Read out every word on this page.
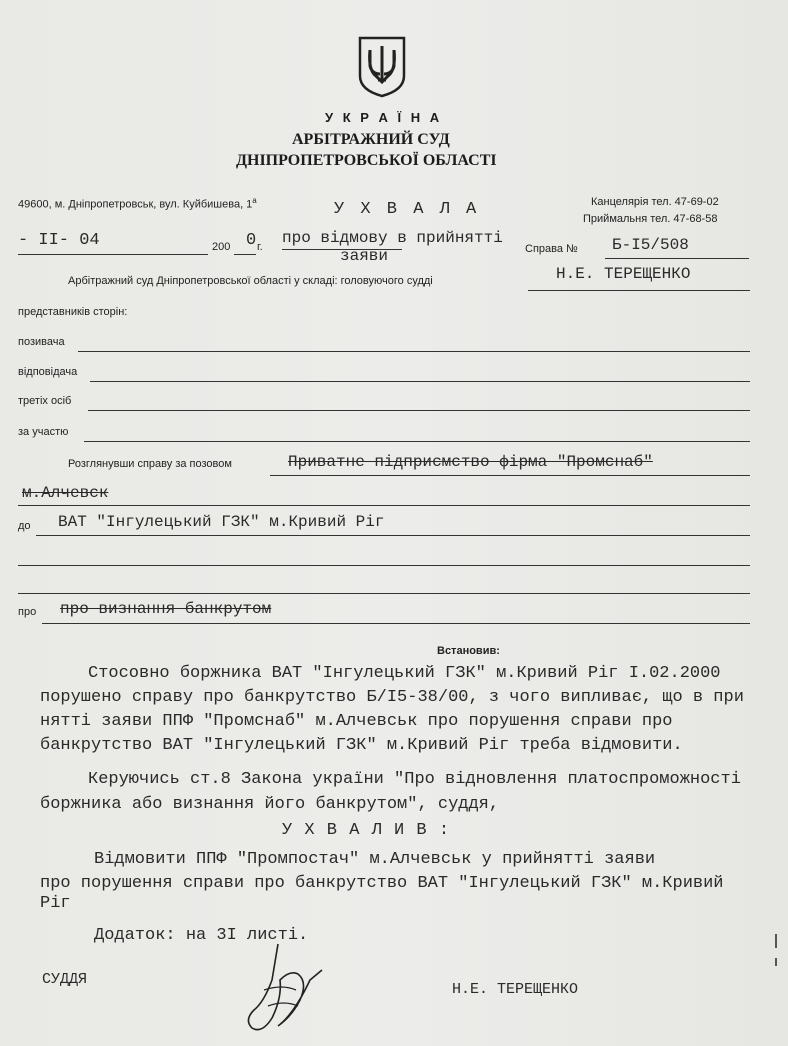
У К Р А Ї Н А
АРБІТРАЖНИЙ СУД
ДНІПРОПЕТРОВСЬКОЇ ОБЛАСТІ
49600, м. Дніпропетровськ, вул. Куйбишева, $1^а$	Канцелярія тел. 47-69-02
Приймальня тел. 47-68-58
У Х В А Л А
- ІІ- 04	200 0 г. про відмову в прийнятті
заяви	Справа № Б-І5/508
Арбітражний суд Дніпропетровської області у складі: головуючого судді	Н.Е. ТЕРЕЩЕНКО
представників сторін:
позивача
відповідача
третіх осіб
за участю
Розглянувши справу за позовом	Приватне підприємство фірма "Промснаб"
м.Алчевск
до ВАТ "Інгулецький ГЗК" м.Кривий Ріг
про про визнання банкрутом
Встановив:
Стосовно боржника ВАТ "Інгулецький ГЗК" м.Кривий Ріг І.02.2000
порушено справу про банкрутство Б/І5-38/00, з чого випливає, що в при
нятті заяви ППФ "Промснаб" м.Алчевськ про порушення справи про
банкрутство ВАТ "Інгулецький ГЗК" м.Кривий Ріг треба відмовити.
Керуючись ст.8 Закона україни "Про відновлення платоспроможності
боржника або визнання його банкрутом", суддя,
У Х В А Л И В :
Відмовити ППФ "Промпостач" м.Алчевськ у прийнятті заяви
про порушення справи про банкрутство ВАТ "Інгулецький ГЗК" м.Кривий
Ріг
Додаток: на 3І листі.
СУДДЯ
Н.Е. ТЕРЕЩЕНКО
